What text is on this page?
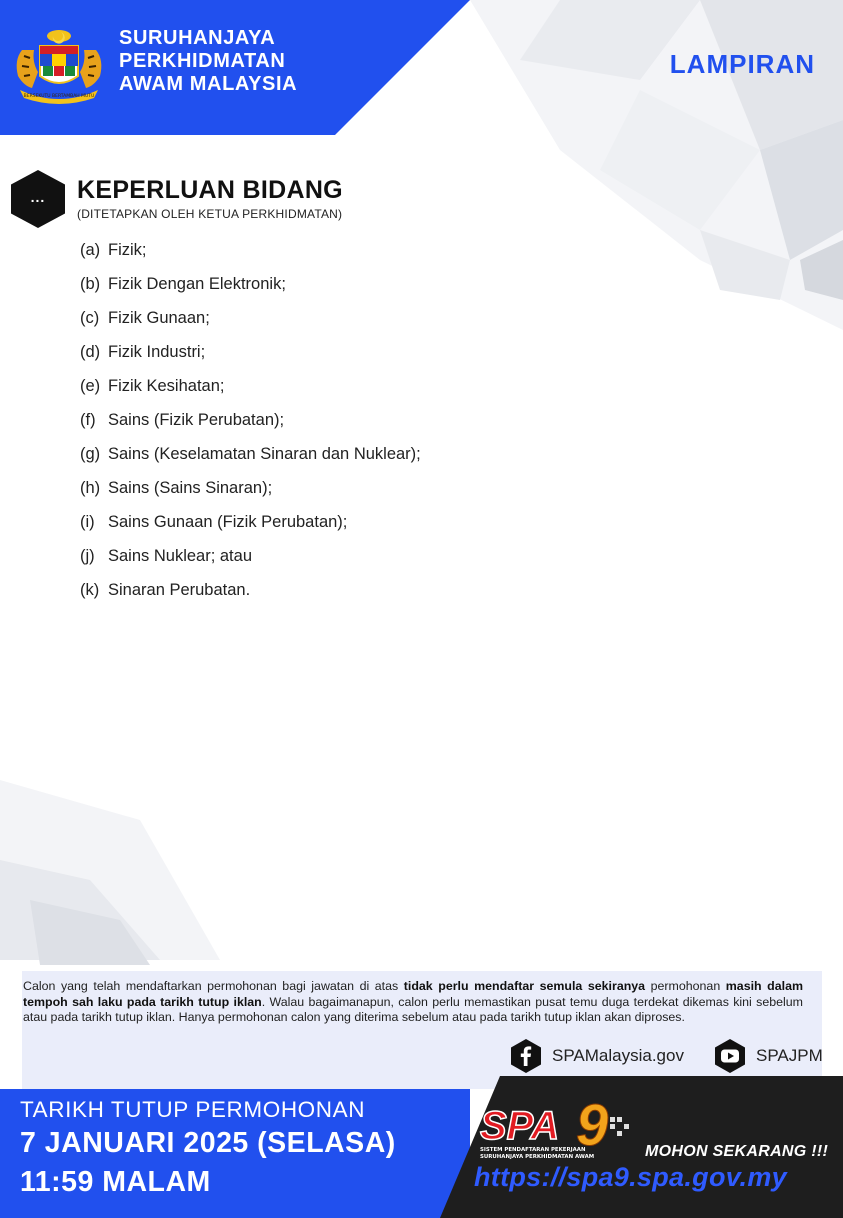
BERSEKUTU BERTAMBAH MUTU
SURUHANJAYA
PERKHIDMATAN
AWAM MALAYSIA
LAMPIRAN
...	KEPERLUAN BIDANG
(DITETAPKAN OLEH KETUA PERKHIDMATAN)
(a) Fizik;
(b) Fizik Dengan Elektronik;
(c) Fizik Gunaan;
(d) Fizik Industri;
(e) Fizik Kesihatan;
(f) Sains (Fizik Perubatan);
(g) Sains (Keselamatan Sinaran dan Nuklear);
(h) Sains (Sains Sinaran);
(i) Sains Gunaan (Fizik Perubatan);
(j) Sains Nuklear; atau
(k) Sinaran Perubatan.
Calon yang telah mendaftarkan permohonan bagi jawatan di atas tidak perlu mendaftar semula sekiranya permohonan masih dalam tempoh sah laku pada tarikh tutup iklan. Walau bagaimanapun, calon perlu memastikan pusat temu duga terdekat dikemas kini sebelum atau pada tarikh tutup iklan. Hanya permohonan calon yang diterima sebelum atau pada tarikh tutup iklan akan diproses.
SPAMalaysia.gov	SPAJPM
TARIKH TUTUP PERMOHONAN
7 JANUARI 2025 (SELASA)
11:59 MALAM
SPA 9
SISTEM PENDAFTARAN PEKERJAAN
SURUHANJAYA PERKHIDMATAN AWAM	MOHON SEKARANG !!!
https://spa9.spa.gov.my
